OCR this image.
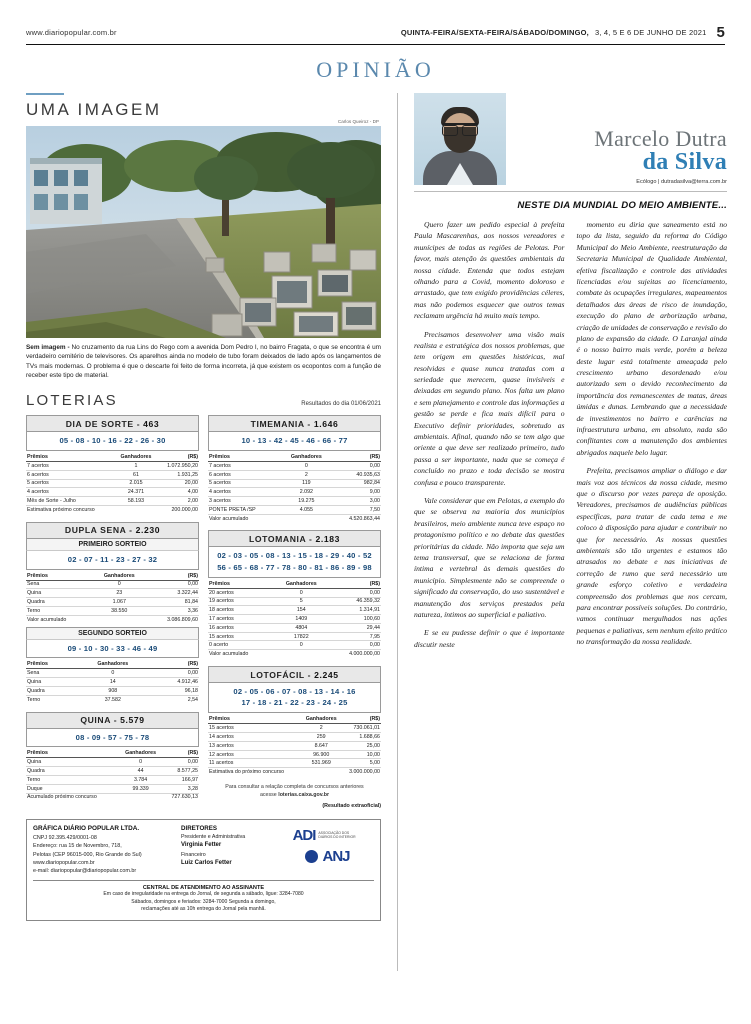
www.diariopopular.com.br	QUINTA-FEIRA/SEXTA-FEIRA/SÁBADO/DOMINGO, 3, 4, 5 E 6 DE JUNHO DE 2021 5
OPINIÃO
UMA IMAGEM
Carlos Queiroz - DP
Sem imagem - No cruzamento da rua Lins do Rego com a avenida Dom Pedro I, no bairro Fragata, o que se encontra é um verdadeiro cemitério de televisores. Os aparelhos ainda no modelo de tubo foram deixados de lado após os lançamentos de TVs mais modernas. O problema é que o descarte foi feito de forma incorreta, já que existem os ecopontos com a função de receber este tipo de material.
LOTERIAS	Resultados do dia 01/06/2021
DIA DE SORTE - 463
05 - 08 - 10 - 16 - 22 - 26 - 30
Prêmios	Ganhadores	(R$)
7 acertos	1	1.072.950,20
6 acertos	61	1.931,25
5 acertos	2.015	20,00
4 acertos	24.371	4,00
Mês de Sorte - Julho	58.193	2,00
Estimativa próximo concurso		200.000,00
DUPLA SENA - 2.230
PRIMEIRO SORTEIO
02 - 07 - 11 - 23 - 27 - 32
Prêmios	Ganhadores	(R$)
Sena	0	0,00
Quina	23	3.322,44
Quadra	1.067	81,84
Terno	38.550	3,36
Valor acumulado		3.086.809,60
SEGUNDO SORTEIO
09 - 10 - 30 - 33 - 46 - 49
Prêmios	Ganhadores	(R$)
Sena	0	0,00
Quina	14	4.912,46
Quadra	908	96,18
Terno	37.582	2,54
QUINA - 5.579
08 - 09 - 57 - 75 - 78
Prêmios	Ganhadores	(R$)
Quina	0	0,00
Quadra	44	8.577,25
Terno	3.784	166,97
Duque	99.339	3,28
Acumulado próximo concurso		727.630,13
TIMEMANIA - 1.646
10 - 13 - 42 - 45 - 46 - 66 - 77
Prêmios	Ganhadores	(R$)
7 acertos	0	0,00
6 acertos	2	40.935,63
5 acertos	119	982,84
4 acertos	2.092	9,00
3 acertos	19.275	3,00
PONTE PRETA /SP	4.055	7,50
Valor acumulado		4.520.863,44
LOTOMANIA - 2.183
02 - 03 - 05 - 08 - 13 - 15 - 18 - 29 - 40 - 52
56 - 65 - 68 - 77 - 78 - 80 - 81 - 86 - 89 - 98
Prêmios	Ganhadores	(R$)
20 acertos	0	0,00
19 acertos	5	46.359,32
18 acertos	154	1.314,91
17 acertos	1409	100,60
16 acertos	4804	29,44
15 acertos	17822	7,95
0 acerto	0	0,00
Valor acumulado		4.000.000,00
LOTOFÁCIL - 2.245
02 - 05 - 06 - 07 - 08 - 13 - 14 - 16
17 - 18 - 21 - 22 - 23 - 24 - 25
Prêmios	Ganhadores	(R$)
15 acertos	2	730.061,01
14 acertos	259	1.688,66
13 acertos	8.647	25,00
12 acertos	96.900	10,00
11 acertos	531.969	5,00
Estimativa do próximo concurso		3.000.000,00
Para consultar a relação completa de concursos anteriores
acesse loterias.caixa.gov.br
(Resultado extraoficial)
GRÁFICA DIÁRIO POPULAR LTDA.
CNPJ 92.395.429/0001-08
Endereço: rua 15 de Novembro, 718,
Pelotas (CEP 96015-000, Rio Grande do Sul)
www.diariopopular.com.br
e-mail: diariopopular@diariopopular.com.br
DIRETORES
Presidente e Administrativa
Virginia Fetter
Financeiro
Luiz Carlos Fetter
ADI ASSOCIAÇÃO DOS DIÁRIOS DO INTERIOR
ANJ
CENTRAL DE ATENDIMENTO AO ASSINANTE
Em caso de irregularidade na entrega do Jornal, de segunda a sábado, ligue: 3284-7080
Sábados, domingos e feriados: 3284-7000 Segunda a domingo,
reclamações até as 10h entrega do Jornal pela manhã.
Marcelo Dutra
da Silva
Ecólogo | dutradasilva@terra.com.br
NESTE DIA MUNDIAL DO MEIO AMBIENTE...

Quero fazer um pedido especial à prefeita Paula Mascarenhas, aos nossos vereadores e munícipes de todas as regiões de Pelotas. Por favor, mais atenção às questões ambientais da nossa cidade. Entenda que todos estejam olhando para a Covid, momento doloroso e arrastado, que tem exigido providências céleres, mas não podemos esquecer que outros temas reclamam urgência há muito mais tempo.

Precisamos desenvolver uma visão mais realista e estratégica dos nossos problemas, que tem origem em questões históricas, mal resolvidas e quase nunca tratadas com a seriedade que merecem, quase invisíveis e deixadas em segundo plano. Nos falta um plano e sem planejamento e controle das informações a gestão se perde e fica mais difícil para o Executivo definir prioridades, sobretudo as ambientais. Afinal, quando não se tem algo que oriente a que deve ser realizado primeiro, tudo passa a ser importante, nada que se começa é concluído no prazo e toda decisão se mostra confusa e pouco transparente.

Vale considerar que em Pelotas, a exemplo do que se observa na maioria dos municípios brasileiros, meio ambiente nunca teve espaço no protagonismo político e no debate das questões prioritárias da cidade. Não importa que seja um tema transversal, que se relaciona de forma íntima e vertebral às demais questões do município. Simplesmente não se compreende o significado da conservação, do uso sustentável e manutenção dos serviços prestados pela natureza, íntimos ao superficial e paliativo.

E se eu pudesse definir o que é importante discutir neste

momento eu diria que saneamento está no topo da lista, seguido da reforma do Código Municipal do Meio Ambiente, reestruturação da Secretaria Municipal de Qualidade Ambiental, efetiva fiscalização e controle das atividades licenciadas e/ou sujeitas ao licenciamento, combate às ocupações irregulares, mapeamentos detalhados das áreas de risco de inundação, execução do plano de arborização urbana, criação de unidades de conservação e revisão do plano de expansão da cidade. O Laranjal ainda é o nosso bairro mais verde, porém a beleza deste lugar está totalmente ameaçada pelo crescimento urbano desordenado e/ou autorizado sem o devido reconhecimento da importância dos remanescentes de matas, áreas úmidas e dunas. Lembrando que a necessidade de investimentos no bairro e carências na infraestrutura urbana, em absoluto, nada são conflitantes com a manutenção dos ambientes abrigados naquele belo lugar.

Prefeita, precisamos ampliar o diálogo e dar mais voz aos técnicos da nossa cidade, mesmo que o discurso por vezes pareça de oposição. Vereadores, precisamos de audiências públicas específicas, para tratar de cada tema e me coloco à disposição para ajudar e contribuir no que for necessário. As nossas questões ambientais são tão urgentes e estamos tão atrasados no debate e nas iniciativas de correção de rumo que será necessário um grande esforço coletivo e verdadeira compreensão dos problemas que nos cercam, para encontrar possíveis soluções. Do contrário, vamos continuar mergulhados nas ações pequenas e paliativas, sem nenhum efeito prático no transformação da nossa realidade.
